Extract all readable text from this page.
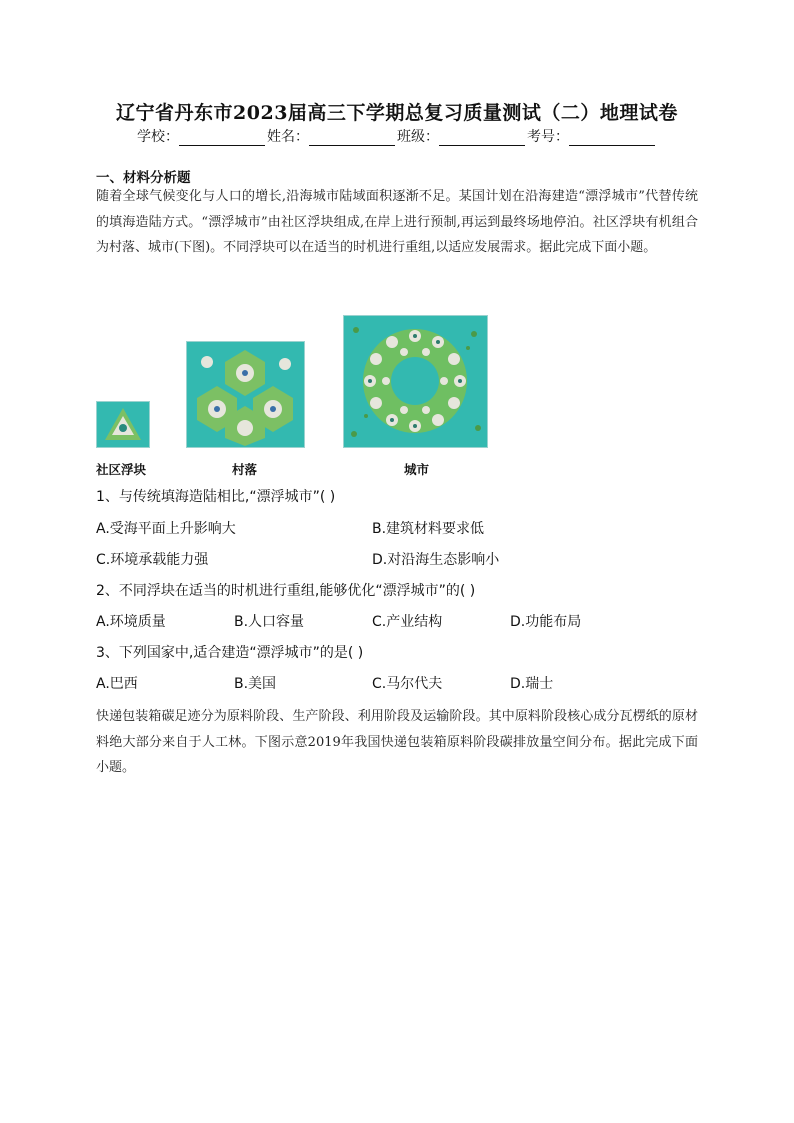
辽宁省丹东市2023届高三下学期总复习质量测试（二）地理试卷
学校：	姓名：	班级：	考号：
一、材料分析题
随着全球气候变化与人口的增长,沿海城市陆域面积逐渐不足。某国计划在沿海建造“漂浮城市”代替传统的填海造陆方式。“漂浮城市”由社区浮块组成,在岸上进行预制,再运到最终场地停泊。社区浮块有机组合为村落、城市(下图)。不同浮块可以在适当的时机进行重组,以适应发展需求。据此完成下面小题。
社区浮块	村落	城市
1、与传统填海造陆相比,“漂浮城市”( )
A.受海平面上升影响大	B.建筑材料要求低
C.环境承载能力强	D.对沿海生态影响小
2、不同浮块在适当的时机进行重组,能够优化“漂浮城市”的( )
A.环境质量	B.人口容量	C.产业结构	D.功能布局
3、下列国家中,适合建造“漂浮城市”的是( )
A.巴西	B.美国	C.马尔代夫	D.瑞士
快递包装箱碳足迹分为原料阶段、生产阶段、利用阶段及运输阶段。其中原料阶段核心成分瓦楞纸的原材料绝大部分来自于人工林。下图示意2019年我国快递包装箱原料阶段碳排放量空间分布。据此完成下面小题。
